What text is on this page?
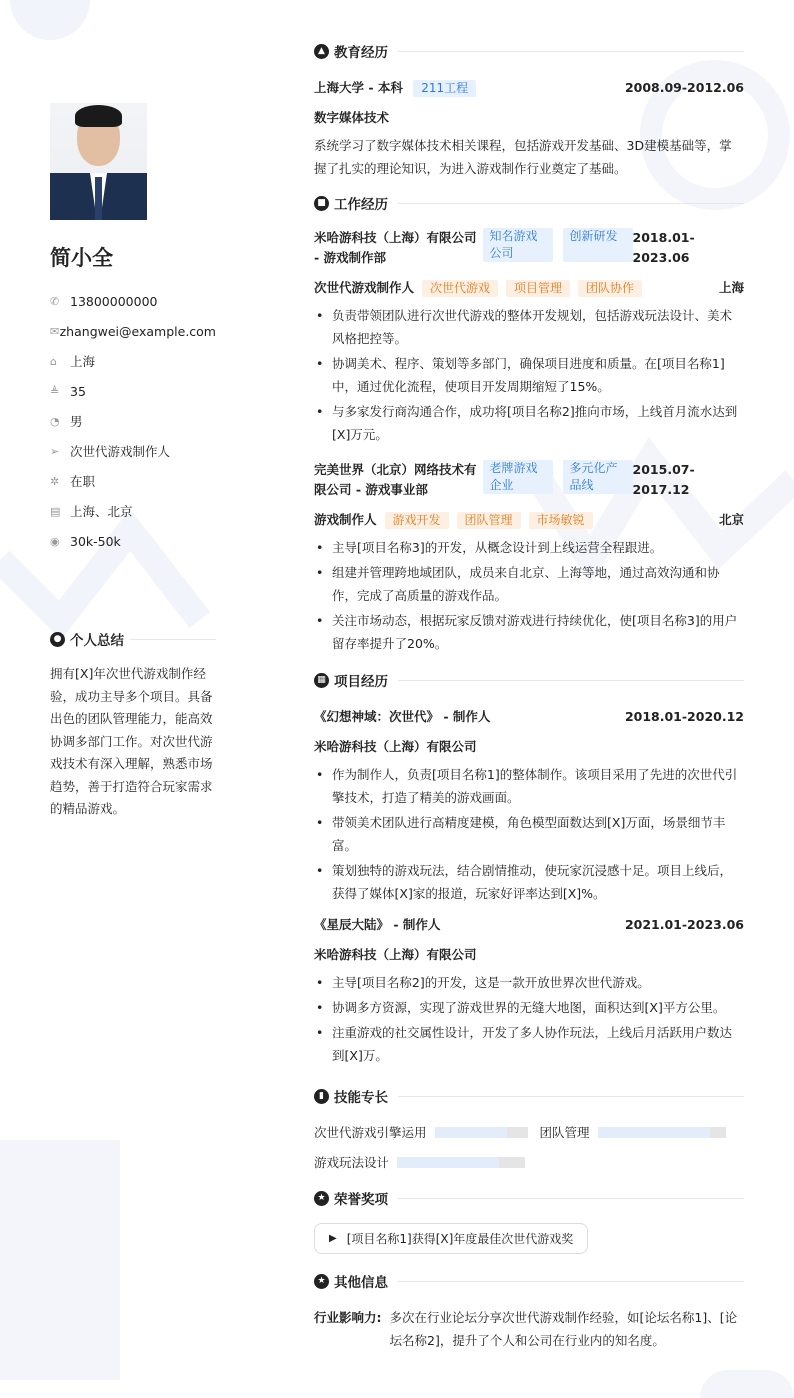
简小全
✆ 13800000000
✉ zhangwei@example.com
⌂	上海
≜ 35
◔ 男
➢ 次世代游戏制作人
✲ 在职
▤ 上海、北京
◉ 30k-50k
● 个人总结
拥有[X]年次世代游戏制作经验，成功主导多个项目。具备出色的团队管理能力，能高效协调多部门工作。对次世代游戏技术有深入理解，熟悉市场趋势，善于打造符合玩家需求的精品游戏。
▲ 教育经历
上海大学 - 本科 211工程	2008.09-2012.06
数字媒体技术

系统学习了数字媒体技术相关课程，包括游戏开发基础、3D建模基础等，掌握了扎实的理论知识，为进入游戏制作行业奠定了基础。

■ 工作经历
米哈游科技（上海）有限公司 - 游戏制作部
知名游戏公司
创新研发	2018.01-2023.06
次世代游戏制作人 次世代游戏 项目管理 团队协作	上海
• 负责带领团队进行次世代游戏的整体开发规划，包括游戏玩法设计、美术风格把控等。
• 协调美术、程序、策划等多部门，确保项目进度和质量。在[项目名称1]中，通过优化流程，使项目开发周期缩短了15%。
• 与多家发行商沟通合作，成功将[项目名称2]推向市场，上线首月流水达到[X]万元。
完美世界（北京）网络技术有限公司 - 游戏事业部
老牌游戏企业
多元化产品线
2015.07-2017.12
游戏制作人 游戏开发 团队管理 市场敏锐	北京
• 主导[项目名称3]的开发，从概念设计到上线运营全程跟进。
• 组建并管理跨地域团队，成员来自北京、上海等地，通过高效沟通和协作，完成了高质量的游戏作品。
• 关注市场动态，根据玩家反馈对游戏进行持续优化，使[项目名称3]的用户留存率提升了20%。
▦ 项目经历
《幻想神域：次世代》 - 制作人	2018.01-2020.12
米哈游科技（上海）有限公司
• 作为制作人，负责[项目名称1]的整体制作。该项目采用了先进的次世代引擎技术，打造了精美的游戏画面。
• 带领美术团队进行高精度建模，角色模型面数达到[X]万面，场景细节丰富。
• 策划独特的游戏玩法，结合剧情推动，使玩家沉浸感十足。项目上线后，获得了媒体[X]家的报道，玩家好评率达到[X]%。
《星辰大陆》 - 制作人	2021.01-2023.06
米哈游科技（上海）有限公司
• 主导[项目名称2]的开发，这是一款开放世界次世代游戏。
• 协调多方资源，实现了游戏世界的无缝大地图，面积达到[X]平方公里。
• 注重游戏的社交属性设计，开发了多人协作玩法，上线后月活跃用户数达到[X]万。
▮ 技能专长
次世代游戏引擎运用	团队管理

游戏玩法设计
★ 荣誉奖项
▶ [项目名称1]获得[X]年度最佳次世代游戏奖
★ 其他信息
行业影响力: 多次在行业论坛分享次世代游戏制作经验，如[论坛名称1]、[论坛名称2]，提升了个人和公司在行业内的知名度。
